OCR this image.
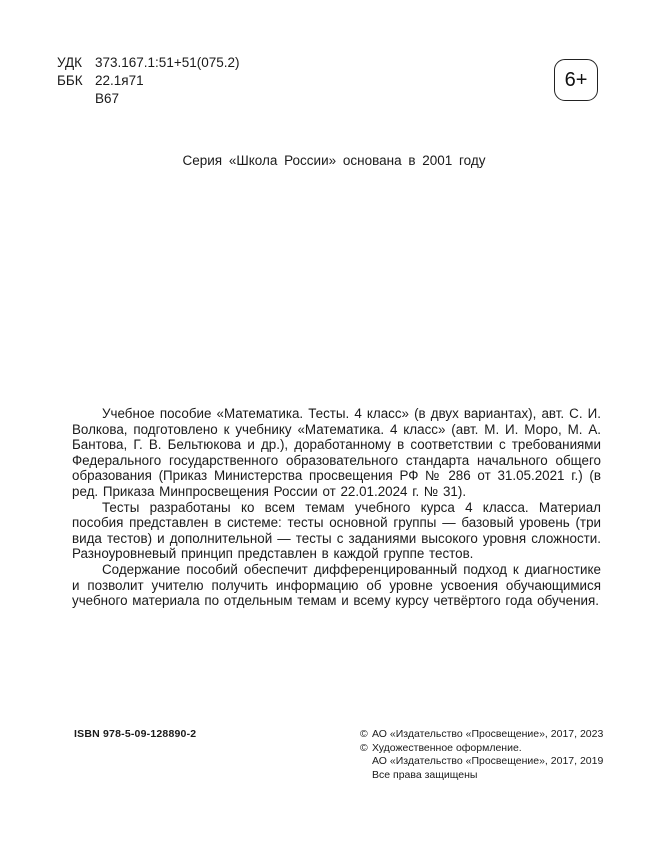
УДК 373.167.1:51+51(075.2)
ББК 22.1я71
В67
6+
Серия «Школа России» основана в 2001 году

Учебное пособие «Математика. Тесты. 4 класс» (в двух вариантах), авт. С. И. Волкова, подготовлено к учебнику «Математика. 4 класс» (авт. М. И. Моро, М. А. Бантова, Г. В. Бельтюкова и др.), доработанному в соответствии с требованиями Федерального государственного образовательного стандарта начального общего образования (Приказ Министерства просвещения РФ № 286 от 31.05.2021 г.) (в ред. Приказа Минпросвещения России от 22.01.2024 г. № 31).

Тесты разработаны ко всем темам учебного курса 4 класса. Материал пособия представлен в системе: тесты основной группы — базовый уровень (три вида тестов) и дополнительной — тесты с заданиями высокого уровня сложности. Разноуровневый принцип представлен в каждой группе тестов.

Содержание пособий обеспечит дифференцированный подход к диагностике и позволит учителю получить информацию об уровне усвоения обучающимися учебного материала по отдельным темам и всему курсу четвёртого года обучения.

ISBN 978-5-09-128890-2	© АО «Издательство «Просвещение», 2017, 2023
© Художественное оформление.
АО «Издательство «Просвещение», 2017, 2019
Все права защищены
